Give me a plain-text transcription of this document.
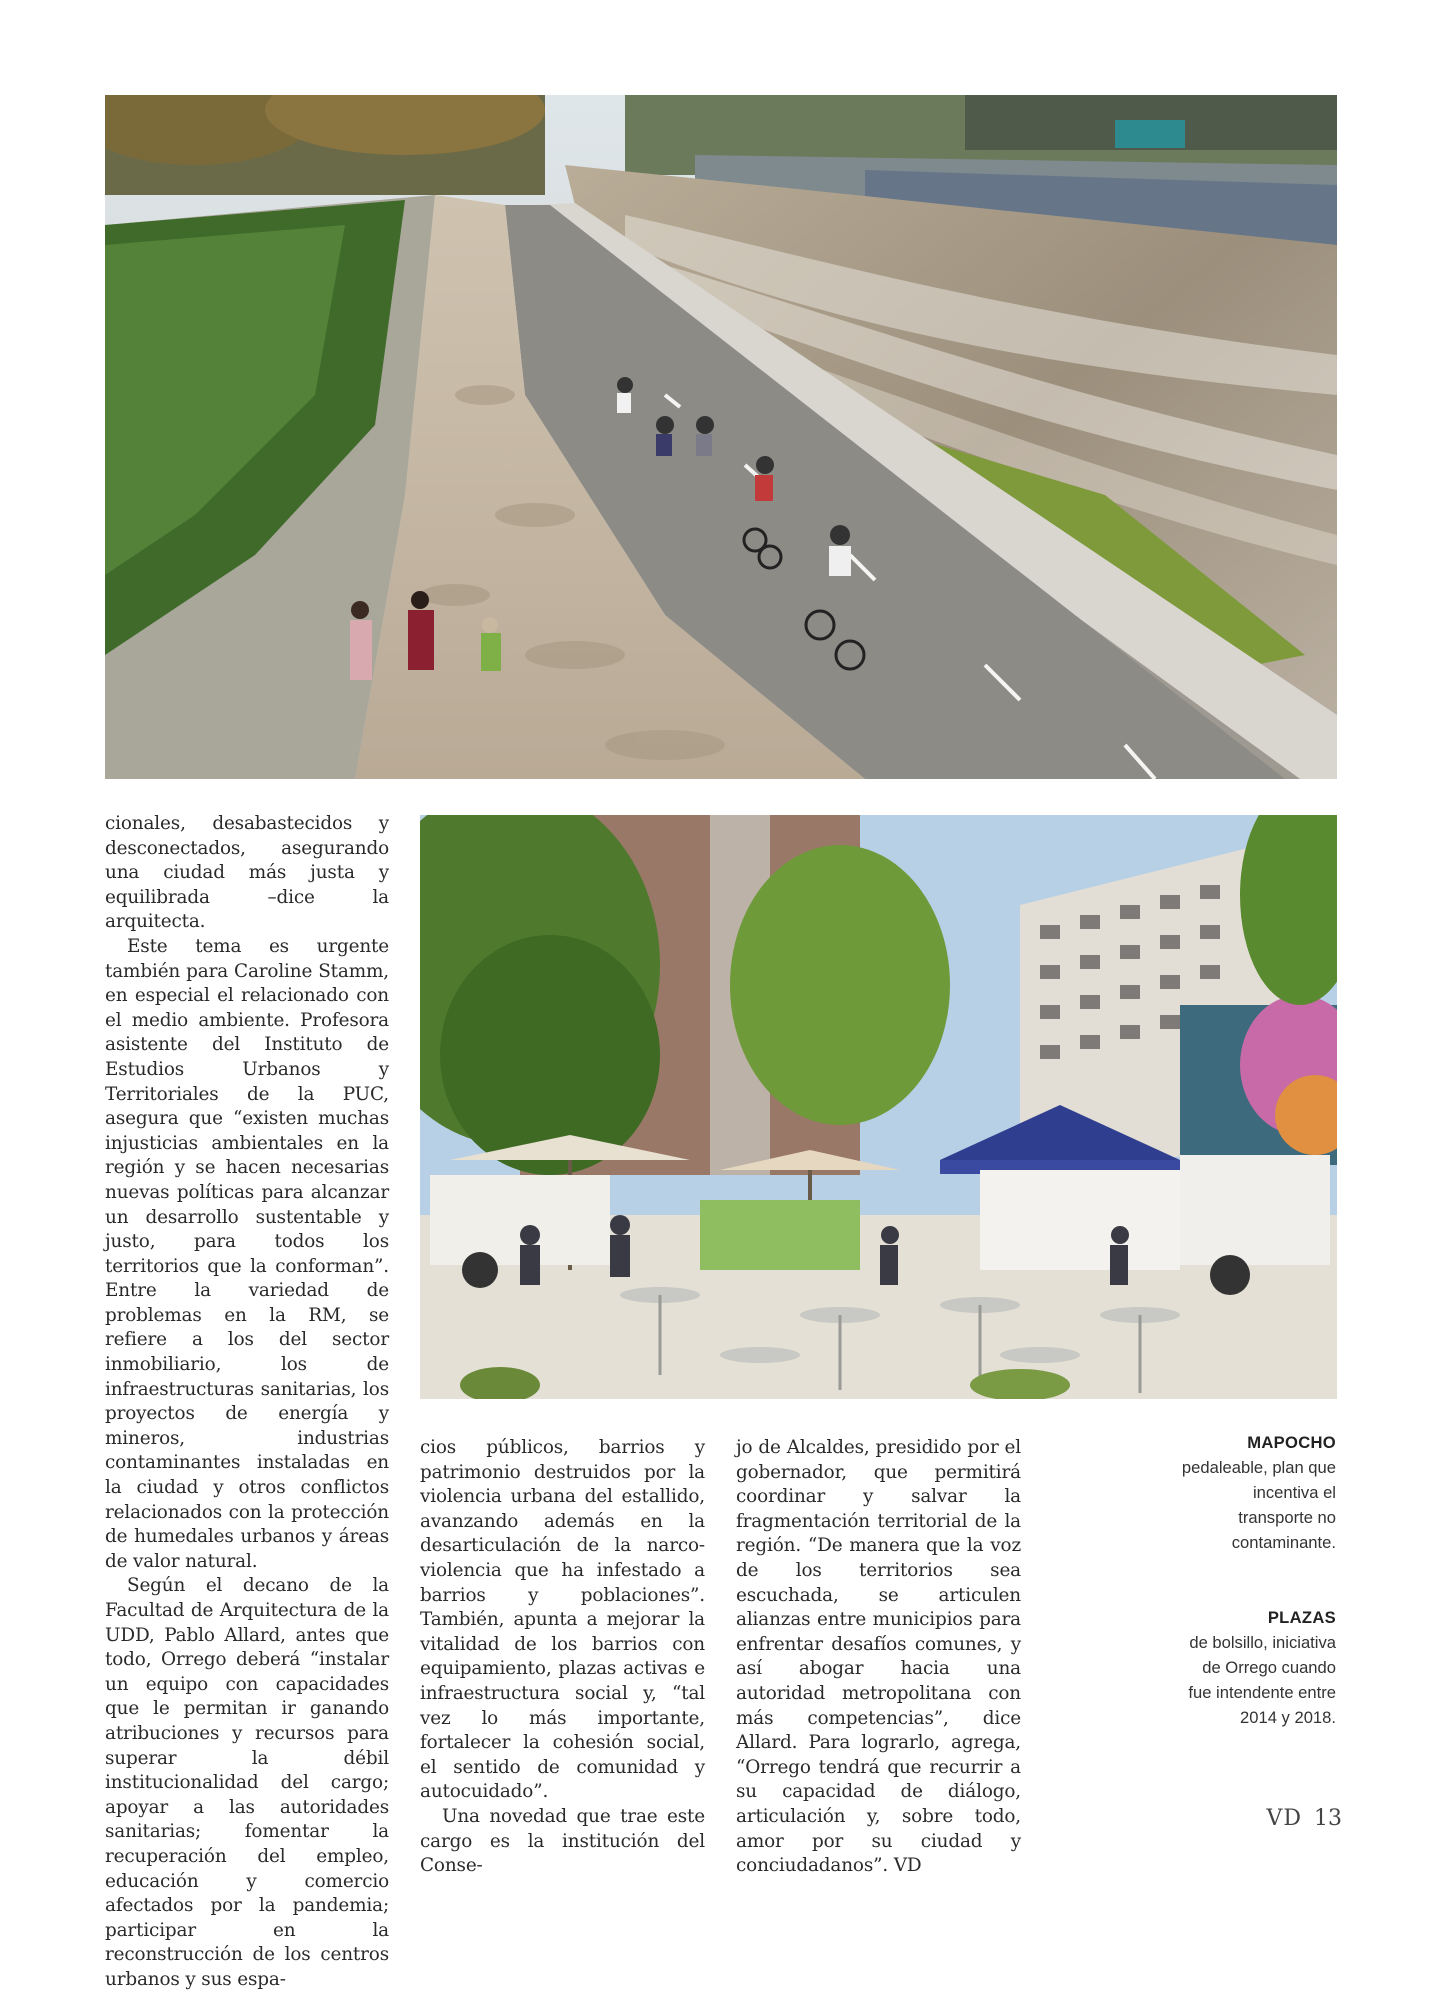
cionales, desabastecidos y desconectados, asegurando una ciudad más justa y equilibrada –dice la arquitecta.

Este tema es urgente también para Caroline Stamm, en especial el relacionado con el medio ambiente. Profesora asistente del Instituto de Estudios Urbanos y Territoriales de la PUC, asegura que “existen muchas injusticias ambientales en la región y se hacen necesarias nuevas políticas para alcanzar un desarrollo sustentable y justo, para todos los territorios que la conforman”. Entre la variedad de problemas en la RM, se refiere a los del sector inmobiliario, los de infraestructuras sanitarias, los proyectos de energía y mineros, industrias contaminantes instaladas en la ciudad y otros conflictos relacionados con la protección de humedales urbanos y áreas de valor natural.

Según el decano de la Facultad de Arquitectura de la UDD, Pablo Allard, antes que todo, Orrego deberá “instalar un equipo con capacidades que le permitan ir ganando atribuciones y recursos para superar la débil institucionalidad del cargo; apoyar a las autoridades sanitarias; fomentar la recuperación del empleo, educación y comercio afectados por la pandemia; participar en la reconstrucción de los centros urbanos y sus espa-

cios públicos, barrios y patrimonio destruidos por la violencia urbana del estallido, avanzando además en la desarticulación de la narco-violencia que ha infestado a barrios y poblaciones”. También, apunta a mejorar la vitalidad de los barrios con equipamiento, plazas activas e infraestructura social y, “tal vez lo más importante, fortalecer la cohesión social, el sentido de comunidad y autocuidado”.

Una novedad que trae este cargo es la institución del Conse-

jo de Alcaldes, presidido por el gobernador, que permitirá coordinar y salvar la fragmentación territorial de la región. “De manera que la voz de los territorios sea escuchada, se articulen alianzas entre municipios para enfrentar desafíos comunes, y así abogar hacia una autoridad metropolitana con más competencias”, dice Allard. Para lograrlo, agrega, “Orrego tendrá que recurrir a su capacidad de diálogo, articulación y, sobre todo, amor por su ciudad y conciudadanos”. VD

MAPOCHO
pedaleable, plan que incentiva el transporte no contaminante.
PLAZAS
de bolsillo, iniciativa de Orrego cuando fue intendente entre 2014 y 2018.
VD 13
